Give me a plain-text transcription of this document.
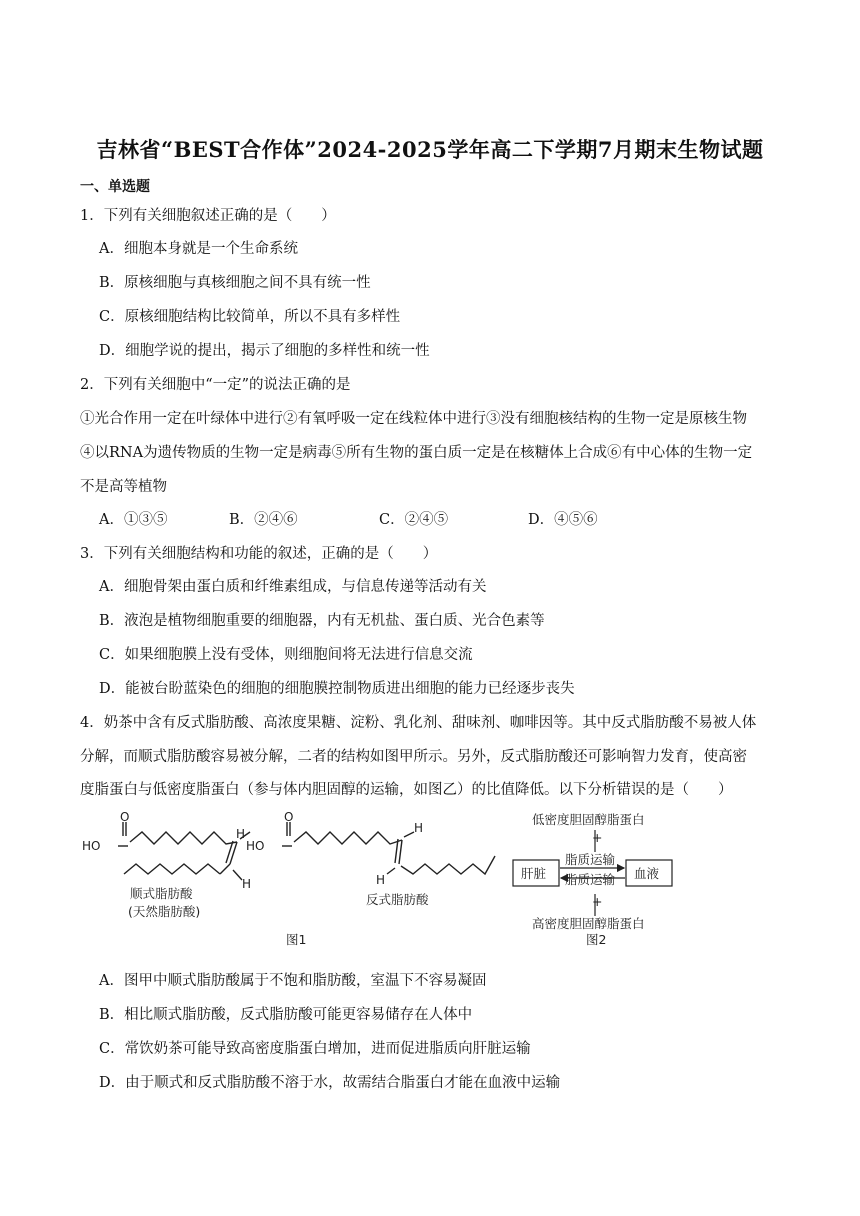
吉林省“BEST合作体”2024-2025学年高二下学期7月期末生物试题
一、单选题
1．下列有关细胞叙述正确的是（　　）
A．细胞本身就是一个生命系统
B．原核细胞与真核细胞之间不具有统一性
C．原核细胞结构比较简单，所以不具有多样性
D．细胞学说的提出，揭示了细胞的多样性和统一性
2．下列有关细胞中“一定”的说法正确的是
①光合作用一定在叶绿体中进行②有氧呼吸一定在线粒体中进行③没有细胞核结构的生物一定是原核生物
④以RNA为遗传物质的生物一定是病毒⑤所有生物的蛋白质一定是在核糖体上合成⑥有中心体的生物一定
不是高等植物
A．①③⑤	B．②④⑥	C．②④⑤	D．④⑤⑥
3．下列有关细胞结构和功能的叙述，正确的是（　　）
A．细胞骨架由蛋白质和纤维素组成，与信息传递等活动有关
B．液泡是植物细胞重要的细胞器，内有无机盐、蛋白质、光合色素等
C．如果细胞膜上没有受体，则细胞间将无法进行信息交流
D．能被台盼蓝染色的细胞的细胞膜控制物质进出细胞的能力已经逐步丧失
4．奶茶中含有反式脂肪酸、高浓度果糖、淀粉、乳化剂、甜味剂、咖啡因等。其中反式脂肪酸不易被人体
分解，而顺式脂肪酸容易被分解，二者的结构如图甲所示。另外，反式脂肪酸还可影响智力发育，使高密
度脂蛋白与低密度脂蛋白（参与体内胆固醇的运输，如图乙）的比值降低。以下分析错误的是（　　）
HO
O
H
H
顺式脂肪酸
(天然脂肪酸)
HO
O
H
H
反式脂肪酸
图1
低密度胆固醇脂蛋白
+
脂质运输
脂质运输
+
高密度胆固醇脂蛋白
图2
肝脏	血液
A．图甲中顺式脂肪酸属于不饱和脂肪酸，室温下不容易凝固
B．相比顺式脂肪酸，反式脂肪酸可能更容易储存在人体中
C．常饮奶茶可能导致高密度脂蛋白增加，进而促进脂质向肝脏运输
D．由于顺式和反式脂肪酸不溶于水，故需结合脂蛋白才能在血液中运输
